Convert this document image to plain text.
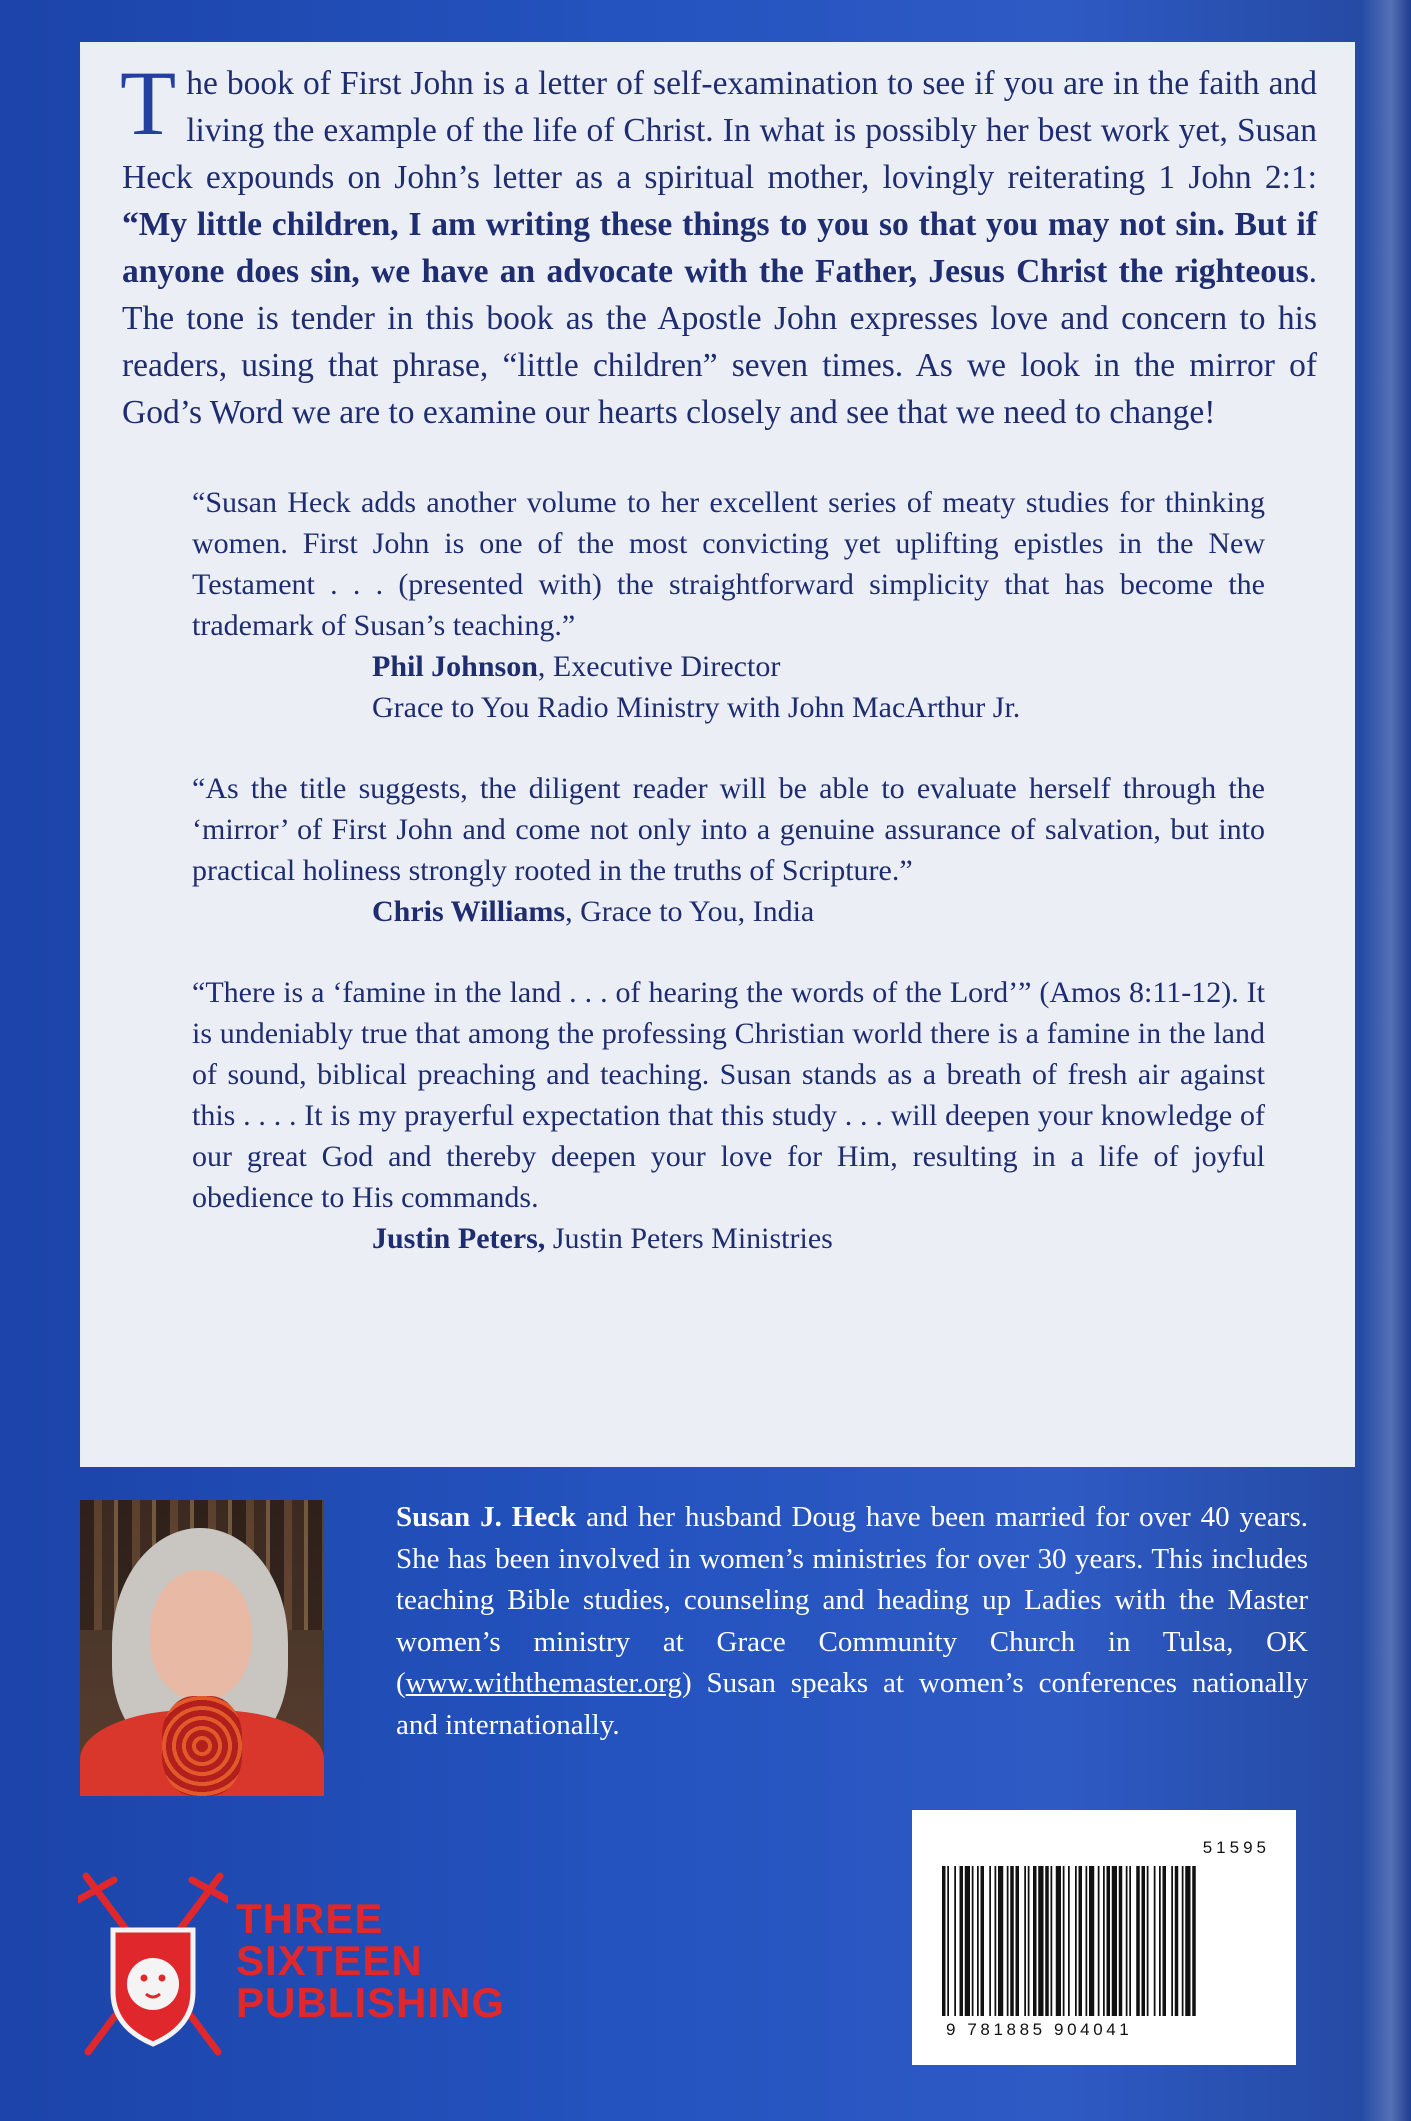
The book of First John is a letter of self-examination to see if you are in the faith and living the example of the life of Christ. In what is possibly her best work yet, Susan Heck expounds on John’s letter as a spiritual mother, lovingly reiterating 1 John 2:1: “My little children, I am writing these things to you so that you may not sin. But if anyone does sin, we have an advocate with the Father, Jesus Christ the righteous. The tone is tender in this book as the Apostle John expresses love and concern to his readers, using that phrase, “little children” seven times. As we look in the mirror of God’s Word we are to examine our hearts closely and see that we need to change!

“Susan Heck adds another volume to her excellent series of meaty studies for thinking women. First John is one of the most convicting yet uplifting epistles in the New Testament . . . (presented with) the straightforward simplicity that has become the trademark of Susan’s teaching.”

Phil Johnson, Executive Director
Grace to You Radio Ministry with John MacArthur Jr.

“As the title suggests, the diligent reader will be able to evaluate herself through the ‘mirror’ of First John and come not only into a genuine assurance of salvation, but into practical holiness strongly rooted in the truths of Scripture.”

Chris Williams, Grace to You, India

“There is a ‘famine in the land . . . of hearing the words of the Lord’” (Amos 8:11-12). It is undeniably true that among the professing Christian world there is a famine in the land of sound, biblical preaching and teaching. Susan stands as a breath of fresh air against this . . . . It is my prayerful expectation that this study . . . will deepen your knowledge of our great God and thereby deepen your love for Him, resulting in a life of joyful obedience to His commands.

Justin Peters, Justin Peters Ministries

Susan J. Heck and her husband Doug have been married for over 40 years. She has been involved in women’s ministries for over 30 years. This includes teaching Bible studies, counseling and heading up Ladies with the Master women’s ministry at Grace Community Church in Tulsa, OK (www.withthemaster.org) Susan speaks at women’s conferences nationally and internationally.

THREE
SIXTEEN
PUBLISHING
51595
9 781885 904041
